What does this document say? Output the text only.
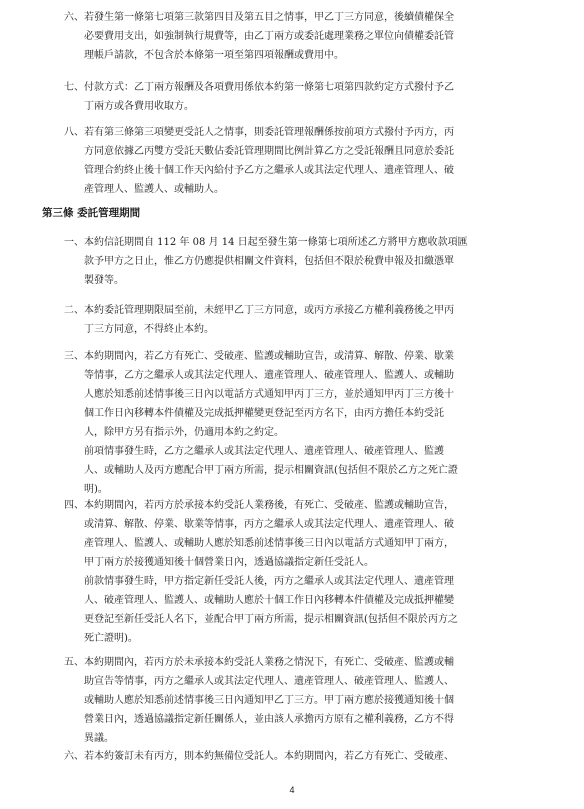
六、 若發生第一條第七項第三款第四目及第五目之情事，甲乙丁三方同意，後續債權保全
必要費用支出，如強制執行規費等，由乙丁兩方或委託處理業務之單位向債權委託管
理帳戶請款，不包含於本條第一項至第四項報酬或費用中。
七、 付款方式：乙丁兩方報酬及各項費用係依本約第一條第七項第四款約定方式撥付予乙
丁兩方或各費用收取方。
八、 若有第三條第三項變更受託人之情事，則委託管理報酬係按前項方式撥付予丙方，丙
方同意依據乙丙雙方受託天數佔委託管理期間比例計算乙方之受託報酬且同意於委託
管理合約終止後十個工作天內給付予乙方之繼承人或其法定代理人、遺產管理人、破
產管理人、監護人、或輔助人。
第三條 委託管理期間
一、 本約信託期間自 112 年 08 月 14 日起至發生第一條第七項所述乙方將甲方應收款項匯
款予甲方之日止，惟乙方仍應提供相關文件資料，包括但不限於稅費申報及扣繳憑單
製發等。
二、 本約委託管理期限屆至前，未經甲乙丁三方同意，或丙方承接乙方權利義務後之甲丙
丁三方同意，不得終止本約。
三、 本約期間內，若乙方有死亡、受破產、監護或輔助宣告，或清算、解散、停業、歇業
等情事，乙方之繼承人或其法定代理人、遺產管理人、破產管理人、監護人、或輔助
人應於知悉前述情事後三日內以電話方式通知甲丙丁三方，並於通知甲丙丁三方後十
個工作日內移轉本件債權及完成抵押權變更登記至丙方名下，由丙方擔任本約受託
人，除甲方另有指示外，仍適用本約之約定。
前項情事發生時，乙方之繼承人或其法定代理人、遺產管理人、破產管理人、監護
人、或輔助人及丙方應配合甲丁兩方所需，提示相關資訊(包括但不限於乙方之死亡證
明)。
四、 本約期間內，若丙方於承接本約受託人業務後，有死亡、受破產、監護或輔助宣告，
或清算、解散、停業、歇業等情事，丙方之繼承人或其法定代理人、遺產管理人、破
產管理人、監護人、或輔助人應於知悉前述情事後三日內以電話方式通知甲丁兩方，
甲丁兩方於接獲通知後十個營業日內，透過協議指定新任受託人。
前款情事發生時，甲方指定新任受託人後，丙方之繼承人或其法定代理人、遺產管理
人、破產管理人、監護人、或輔助人應於十個工作日內移轉本件債權及完成抵押權變
更登記至新任受託人名下，並配合甲丁兩方所需，提示相關資訊(包括但不限於丙方之
死亡證明)。
五、 本約期間內，若丙方於未承接本約受託人業務之情況下，有死亡、受破產、監護或輔
助宣告等情事，丙方之繼承人或其法定代理人、遺產管理人、破產管理人、監護人、
或輔助人應於知悉前述情事後三日內通知甲乙丁三方。甲丁兩方應於接獲通知後十個
營業日內，透過協議指定新任關係人，並由該人承擔丙方原有之權利義務，乙方不得
異議。
六、 若本約簽訂未有丙方，則本約無備位受託人。本約期間內，若乙方有死亡、受破產、
4
